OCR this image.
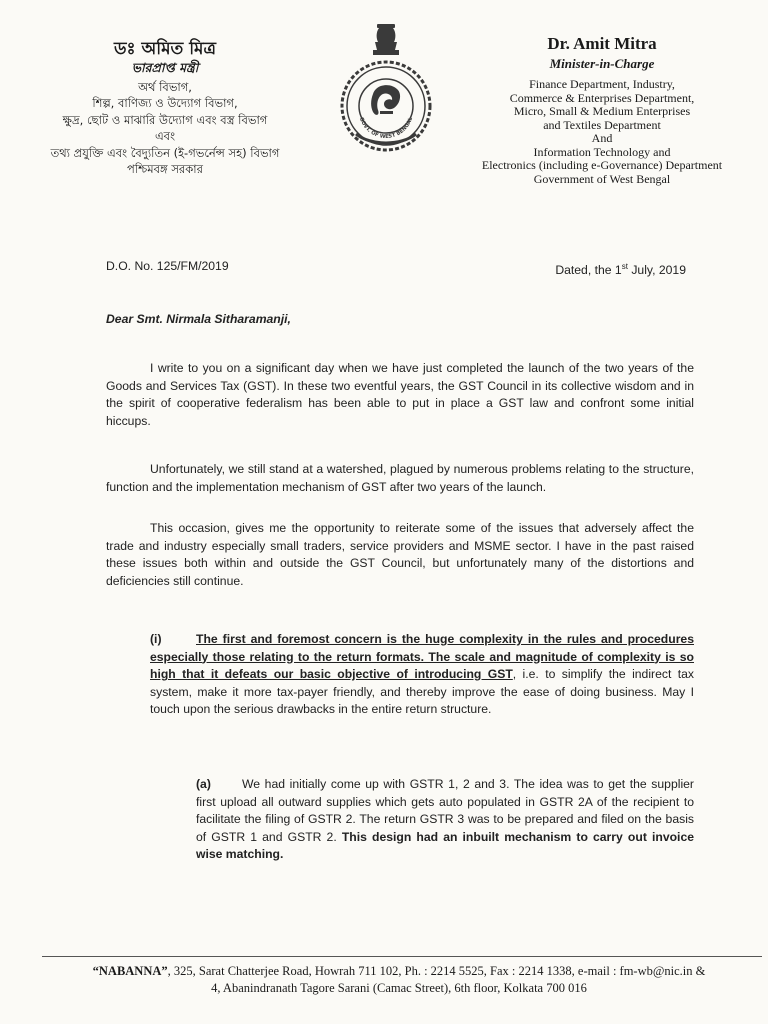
ডঃ অমিত মিত্র
ভারপ্রাপ্ত মন্ত্রী
অর্থ বিভাগ,
শিল্প, বাণিজ্য ও উদ্যোগ বিভাগ,
ক্ষুদ্র, ছোট ও মাঝারি উদ্যোগ এবং বস্ত্র বিভাগ
এবং
তথ্য প্রযুক্তি এবং বৈদ্যুতিন (ই-গভর্নেন্স সহ) বিভাগ
পশ্চিমবঙ্গ সরকার
GOVT. OF WEST BENGAL
Dr. Amit Mitra
Minister-in-Charge
Finance Department, Industry,
Commerce & Enterprises Department,
Micro, Small & Medium Enterprises
and Textiles Department
And
Information Technology and
Electronics (including e-Governance) Department
Government of West Bengal
D.O. No. 125/FM/2019	Dated, the 1st July, 2019
Dear Smt. Nirmala Sitharamanji,
I write to you on a significant day when we have just completed the launch of the two years of the Goods and Services Tax (GST). In these two eventful years, the GST Council in its collective wisdom and in the spirit of cooperative federalism has been able to put in place a GST law and confront some initial hiccups.
Unfortunately, we still stand at a watershed, plagued by numerous problems relating to the structure, function and the implementation mechanism of GST after two years of the launch.
This occasion, gives me the opportunity to reiterate some of the issues that adversely affect the trade and industry especially small traders, service providers and MSME sector. I have in the past raised these issues both within and outside the GST Council, but unfortunately many of the distortions and deficiencies still continue.
(i)	The first and foremost concern is the huge complexity in the rules and procedures especially those relating to the return formats. The scale and magnitude of complexity is so high that it defeats our basic objective of introducing GST, i.e. to simplify the indirect tax system, make it more tax-payer friendly, and thereby improve the ease of doing business. May I touch upon the serious drawbacks in the entire return structure.
(a)	We had initially come up with GSTR 1, 2 and 3. The idea was to get the supplier first upload all outward supplies which gets auto populated in GSTR 2A of the recipient to facilitate the filing of GSTR 2. The return GSTR 3 was to be prepared and filed on the basis of GSTR 1 and GSTR 2. This design had an inbuilt mechanism to carry out invoice wise matching.
“NABANNA”, 325, Sarat Chatterjee Road, Howrah 711 102, Ph. : 2214 5525, Fax : 2214 1338, e-mail : fm-wb@nic.in &
4, Abanindranath Tagore Sarani (Camac Street), 6th floor, Kolkata 700 016
